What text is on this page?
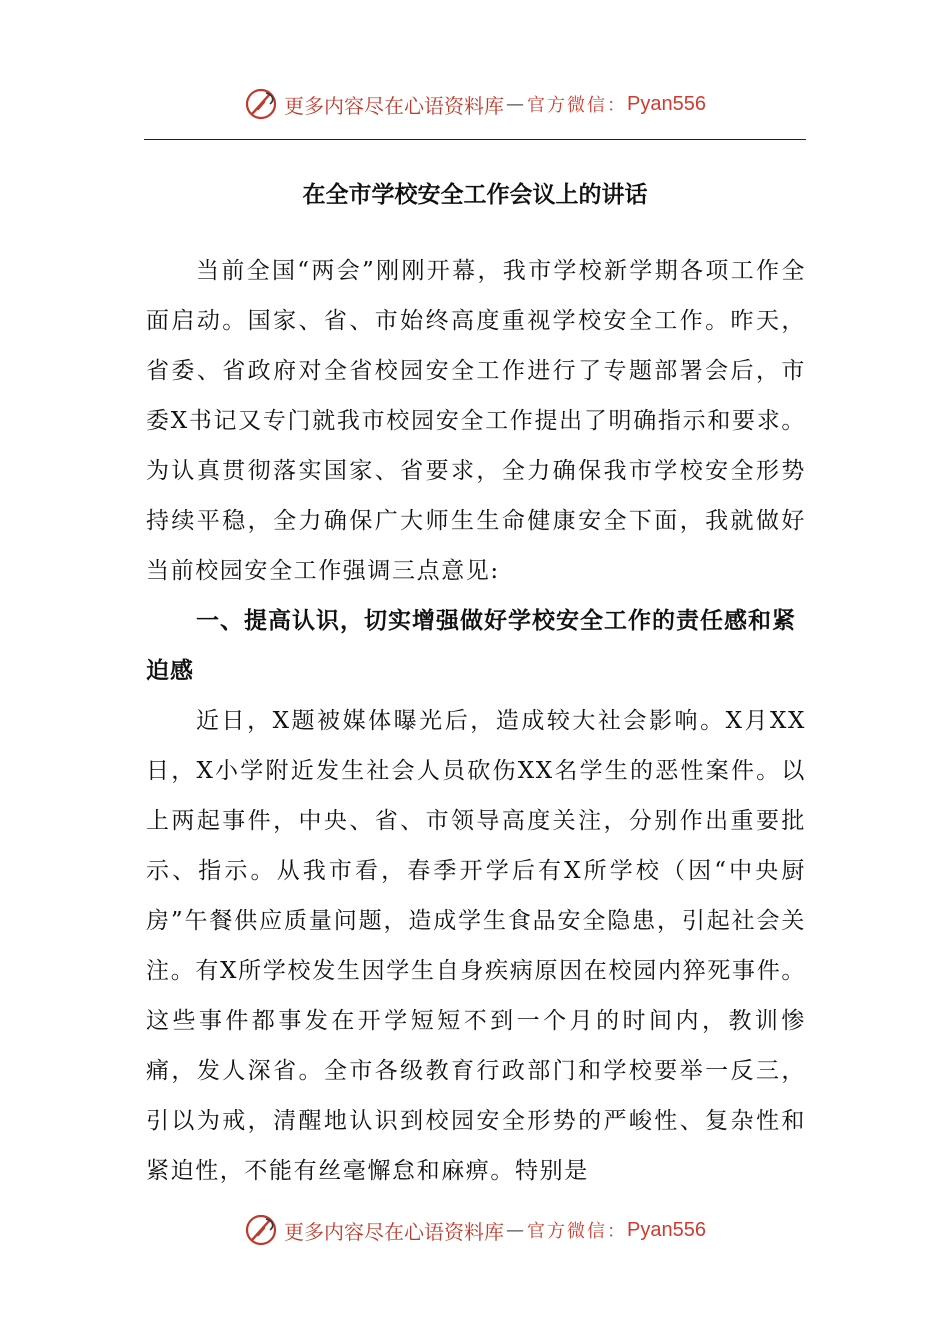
更多内容尽在心语资料库 — 官方微信： Pyan556
在全市学校安全工作会议上的讲话

当前全国“两会”刚刚开幕，我市学校新学期各项工作全面启动。国家、省、市始终高度重视学校安全工作。昨天，省委、省政府对全省校园安全工作进行了专题部署会后，市委X书记又专门就我市校园安全工作提出了明确指示和要求。为认真贯彻落实国家、省要求，全力确保我市学校安全形势持续平稳，全力确保广大师生生命健康安全下面，我就做好当前校园安全工作强调三点意见:

一、提高认识，切实增强做好学校安全工作的责任感和紧迫感

近日，X题被媒体曝光后，造成较大社会影响。X月XX日，X小学附近发生社会人员砍伤XX名学生的恶性案件。以上两起事件，中央、省、市领导高度关注，分别作出重要批示、指示。从我市看，春季开学后有X所学校（因“中央厨房”午餐供应质量问题，造成学生食品安全隐患，引起社会关注。有X所学校发生因学生自身疾病原因在校园内猝死事件。这些事件都事发在开学短短不到一个月的时间内，教训惨痛，发人深省。全市各级教育行政部门和学校要举一反三，引以为戒，清醒地认识到校园安全形势的严峻性、复杂性和紧迫性，不能有丝毫懈怠和麻痹。特别是

更多内容尽在心语资料库 — 官方微信： Pyan556
